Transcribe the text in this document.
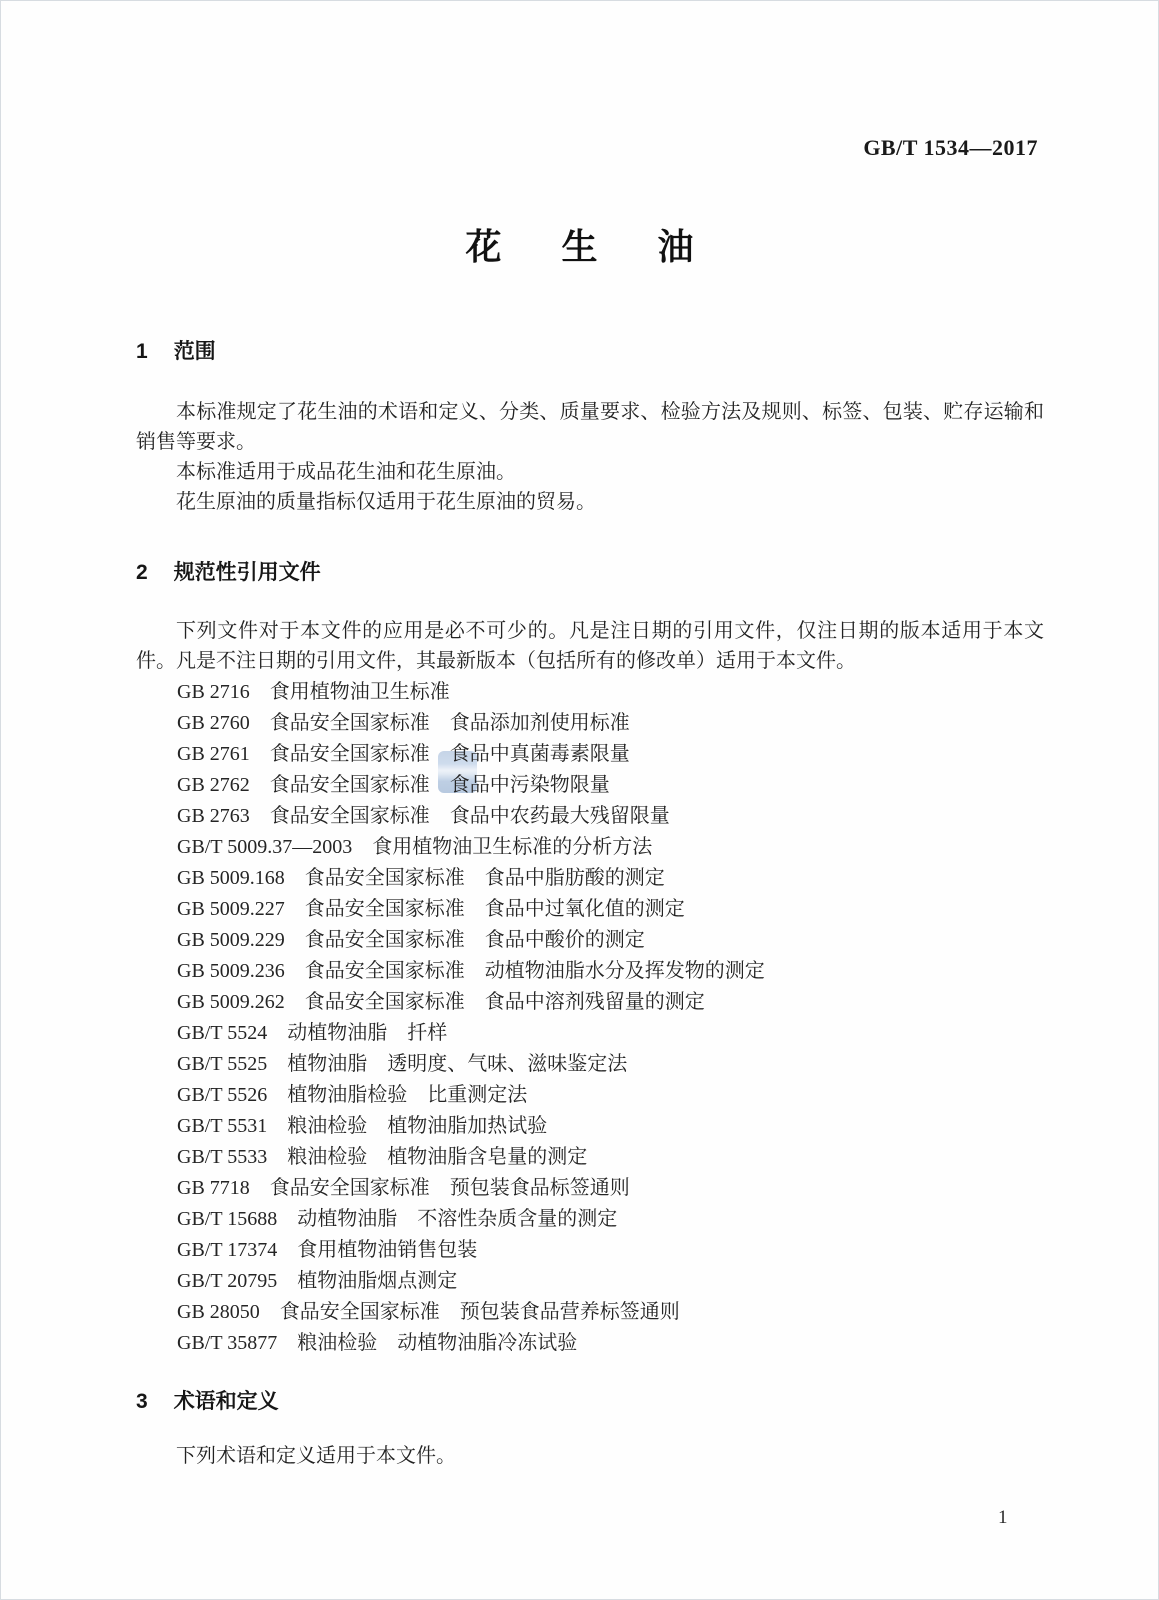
GB/T 1534—2017
花生油
1 范围

本标准规定了花生油的术语和定义、分类、质量要求、检验方法及规则、标签、包装、贮存运输和销售等要求。

本标准适用于成品花生油和花生原油。

花生原油的质量指标仅适用于花生原油的贸易。

2 规范性引用文件

下列文件对于本文件的应用是必不可少的。凡是注日期的引用文件，仅注日期的版本适用于本文件。凡是不注日期的引用文件，其最新版本（包括所有的修改单）适用于本文件。

GB 2716　食用植物油卫生标准
GB 2760　食品安全国家标准　食品添加剂使用标准
GB 2761　食品安全国家标准　食品中真菌毒素限量
GB 2762　食品安全国家标准　食品中污染物限量
GB 2763　食品安全国家标准　食品中农药最大残留限量
GB/T 5009.37—2003　食用植物油卫生标准的分析方法
GB 5009.168　食品安全国家标准　食品中脂肪酸的测定
GB 5009.227　食品安全国家标准　食品中过氧化值的测定
GB 5009.229　食品安全国家标准　食品中酸价的测定
GB 5009.236　食品安全国家标准　动植物油脂水分及挥发物的测定
GB 5009.262　食品安全国家标准　食品中溶剂残留量的测定
GB/T 5524　动植物油脂　扦样
GB/T 5525　植物油脂　透明度、气味、滋味鉴定法
GB/T 5526　植物油脂检验　比重测定法
GB/T 5531　粮油检验　植物油脂加热试验
GB/T 5533　粮油检验　植物油脂含皂量的测定
GB 7718　食品安全国家标准　预包装食品标签通则
GB/T 15688　动植物油脂　不溶性杂质含量的测定
GB/T 17374　食用植物油销售包装
GB/T 20795　植物油脂烟点测定
GB 28050　食品安全国家标准　预包装食品营养标签通则
GB/T 35877　粮油检验　动植物油脂冷冻试验
3 术语和定义

下列术语和定义适用于本文件。

1
